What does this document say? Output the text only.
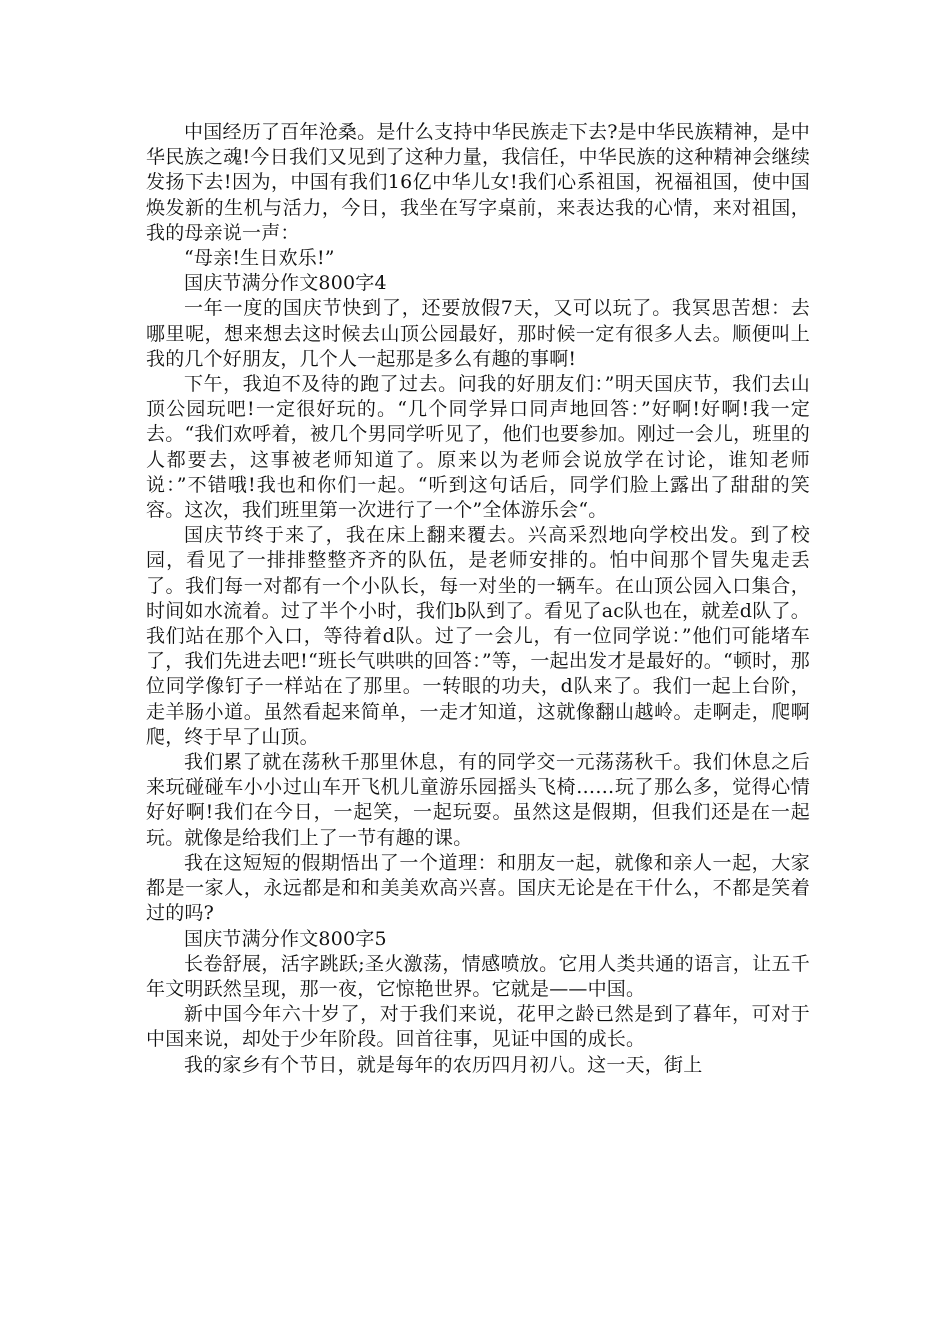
中国经历了百年沧桑。是什么支持中华民族走下去?是中华民族精神，是中华民族之魂!今日我们又见到了这种力量，我信任，中华民族的这种精神会继续发扬下去!因为，中国有我们16亿中华儿女!我们心系祖国，祝福祖国，使中国焕发新的生机与活力，今日，我坐在写字桌前，来表达我的心情，来对祖国，我的母亲说一声：

“母亲!生日欢乐!”

国庆节满分作文800字4

一年一度的国庆节快到了，还要放假7天，又可以玩了。我冥思苦想：去哪里呢，想来想去这时候去山顶公园最好，那时候一定有很多人去。顺便叫上我的几个好朋友，几个人一起那是多么有趣的事啊!

下午，我迫不及待的跑了过去。问我的好朋友们：”明天国庆节，我们去山顶公园玩吧!一定很好玩的。“几个同学异口同声地回答：”好啊!好啊!我一定去。“我们欢呼着，被几个男同学听见了，他们也要参加。刚过一会儿，班里的人都要去，这事被老师知道了。原来以为老师会说放学在讨论，谁知老师说：”不错哦!我也和你们一起。“听到这句话后，同学们脸上露出了甜甜的笑容。这次，我们班里第一次进行了一个”全体游乐会“。

国庆节终于来了，我在床上翻来覆去。兴高采烈地向学校出发。到了校园，看见了一排排整整齐齐的队伍，是老师安排的。怕中间那个冒失鬼走丢了。我们每一对都有一个小队长，每一对坐的一辆车。在山顶公园入口集合，时间如水流着。过了半个小时，我们b队到了。看见了ac队也在，就差d队了。我们站在那个入口，等待着d队。过了一会儿，有一位同学说：”他们可能堵车了，我们先进去吧!“班长气哄哄的回答：”等，一起出发才是最好的。“顿时，那位同学像钉子一样站在了那里。一转眼的功夫，d队来了。我们一起上台阶，走羊肠小道。虽然看起来简单，一走才知道，这就像翻山越岭。走啊走，爬啊爬，终于早了山顶。

我们累了就在荡秋千那里休息，有的同学交一元荡荡秋千。我们休息之后来玩碰碰车小小过山车开飞机儿童游乐园摇头飞椅……玩了那么多，觉得心情好好啊!我们在今日，一起笑，一起玩耍。虽然这是假期，但我们还是在一起玩。就像是给我们上了一节有趣的课。

我在这短短的假期悟出了一个道理：和朋友一起，就像和亲人一起，大家都是一家人，永远都是和和美美欢高兴喜。国庆无论是在干什么，不都是笑着过的吗?

国庆节满分作文800字5

长卷舒展，活字跳跃;圣火激荡，情感喷放。它用人类共通的语言，让五千年文明跃然呈现，那一夜，它惊艳世界。它就是——中国。

新中国今年六十岁了，对于我们来说，花甲之龄已然是到了暮年，可对于中国来说，却处于少年阶段。回首往事，见证中国的成长。

我的家乡有个节日，就是每年的农历四月初八。这一天，街上
